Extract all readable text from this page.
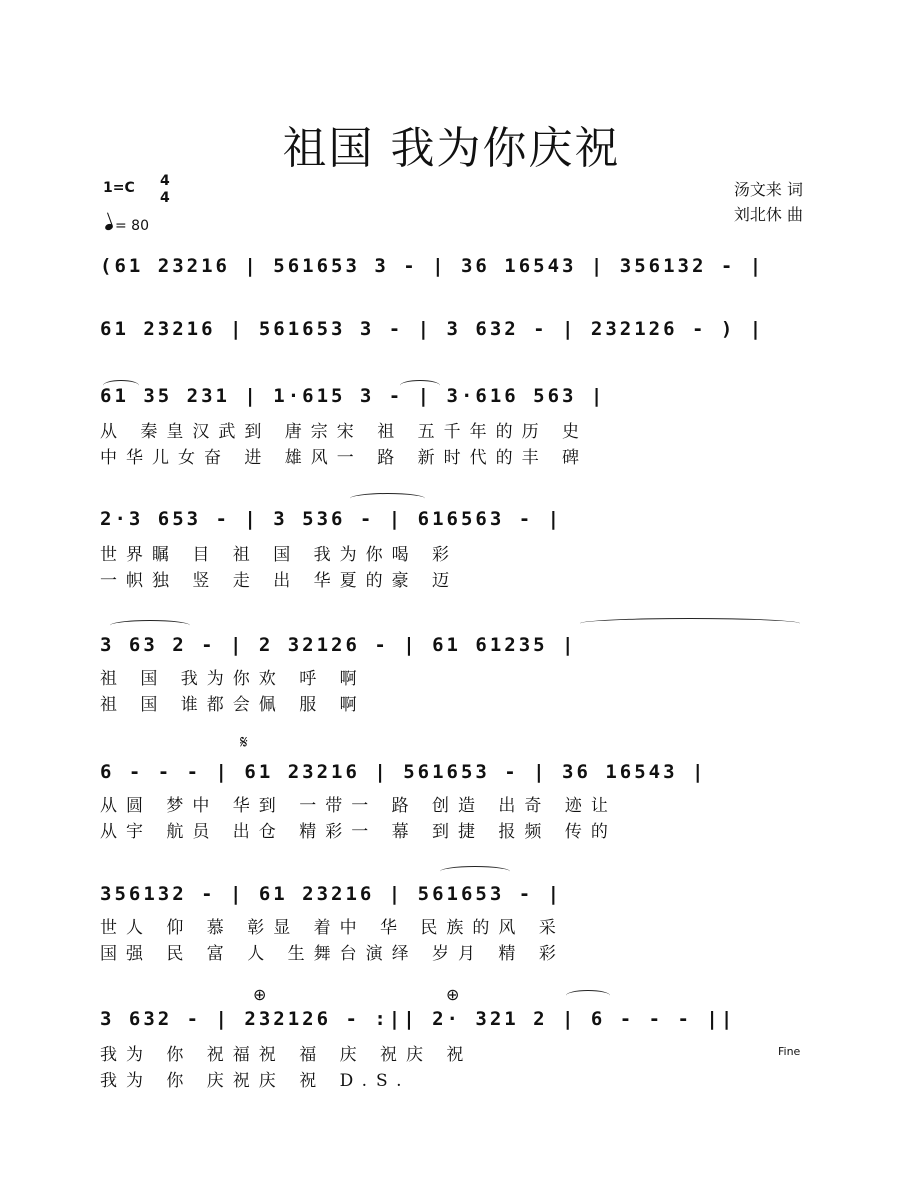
祖国 我为你庆祝
1=C 4
4
= 80
汤文来 词
刘北休 曲
(61 23216 | 561653 3 - | 36 16543 | 356132 - |
61 23216 | 561653 3 - | 3 632 - | 232126 - ) |
61 35 231 | 1·615 3 - | 3·616 563 |
从 秦皇汉武到 唐宗宋 祖 五千年的历 史
中华儿女奋 进 雄风一 路 新时代的丰 碑
2·3 653 - | 3 536 - | 616563 - |
世界瞩 目 祖 国 我为你喝 彩
一帜独 竖 走 出 华夏的豪 迈
3 63 2 - | 2 32126 - | 61 61235 |
祖 国 我为你欢 呼 啊
祖 国 谁都会佩 服 啊
𝄋
6 - - - | 61 23216 | 561653 - | 36 16543 |
从圆 梦中 华到 一带一 路 创造 出奇 迹让
从宇 航员 出仓 精彩一 幕 到捷 报频 传的
356132 - | 61 23216 | 561653 - |
世人 仰 慕 彰显 着中 华 民族的风 采
国强 民 富 人 生舞台演绎 岁月 精 彩
⊕	⊕
3 632 - | 232126 - :|| 2· 321 2 | 6 - - - ||
我为 你 祝福祝 福 庆 祝庆 祝
我为 你 庆祝庆 祝 D.S.
Fine
